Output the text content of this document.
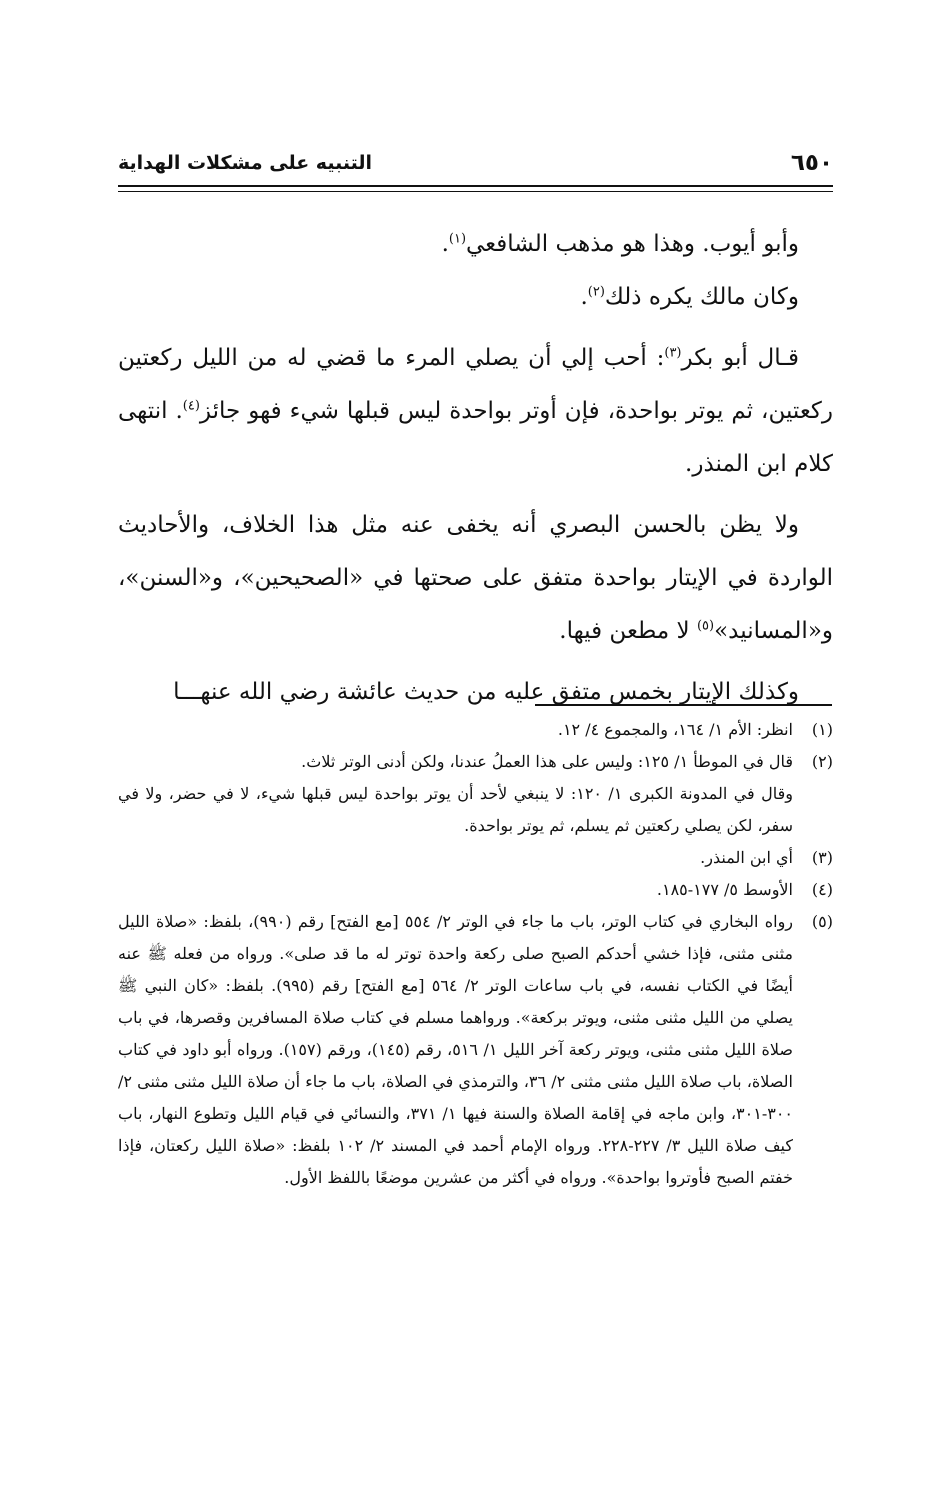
التنبيه على مشكلات الهداية	٦٥٠

وأبو أيوب. وهذا هو مذهب الشافعي$^{(١)}$.

وكان مالك يكره ذلك$^{(٢)}$.

قـال أبو بكر$^{(٣)}$: أحب إلي أن يصلي المرء ما قضي له من الليل ركعتين ركعتين، ثم يوتر بواحدة، فإن أوتر بواحدة ليس قبلها شيء فهو جائز$^{(٤)}$. انتهى كلام ابن المنذر.

ولا يظن بالحسن البصري أنه يخفى عنه مثل هذا الخلاف، والأحاديث الواردة في الإيتار بواحدة متفق على صحتها في «الصحيحين»، و«السنن»، و«المسانيد»$^{(٥)}$ لا مطعن فيها.

وكذلك الإيتار بخمس متفق عليه من حديث عائشة رضي الله عنهـــا

(١)
انظر: الأم ١/ ١٦٤، والمجموع ٤/ ١٢.
(٢)
قال في الموطأ ١/ ١٢٥: وليس على هذا العملُ عندنا، ولكن أدنى الوتر ثلاث.
وقال في المدونة الكبرى ١/ ١٢٠: لا ينبغي لأحد أن يوتر بواحدة ليس قبلها شيء، لا في حضر، ولا في سفر، لكن يصلي ركعتين ثم يسلم، ثم يوتر بواحدة.
(٣)
أي ابن المنذر.
(٤)
الأوسط ٥/ ١٧٧-١٨٥.
(٥)
رواه البخاري في كتاب الوتر، باب ما جاء في الوتر ٢/ ٥٥٤ [مع الفتح] رقم (٩٩٠)، بلفظ: «صلاة الليل مثنى مثنى، فإذا خشي أحدكم الصبح صلى ركعة واحدة توتر له ما قد صلى». ورواه من فعله ﷺ عنه أيضًا في الكتاب نفسه، في باب ساعات الوتر ٢/ ٥٦٤ [مع الفتح] رقم (٩٩٥). بلفظ: «كان النبي ﷺ يصلي من الليل مثنى مثنى، ويوتر بركعة». ورواهما مسلم في كتاب صلاة المسافرين وقصرها، في باب صلاة الليل مثنى مثنى، ويوتر ركعة آخر الليل ١/ ٥١٦، رقم (١٤٥)، ورقم (١٥٧). ورواه أبو داود في كتاب الصلاة، باب صلاة الليل مثنى مثنى ٢/ ٣٦، والترمذي في الصلاة، باب ما جاء أن صلاة الليل مثنى مثنى ٢/ ٣٠٠-٣٠١، وابن ماجه في إقامة الصلاة والسنة فيها ١/ ٣٧١، والنسائي في قيام الليل وتطوع النهار، باب كيف صلاة الليل ٣/ ٢٢٧-٢٢٨. ورواه الإمام أحمد في المسند ٢/ ١٠٢ بلفظ: «صلاة الليل ركعتان، فإذا خفتم الصبح فأوتروا بواحدة». ورواه في أكثر من عشرين موضعًا باللفظ الأول.
